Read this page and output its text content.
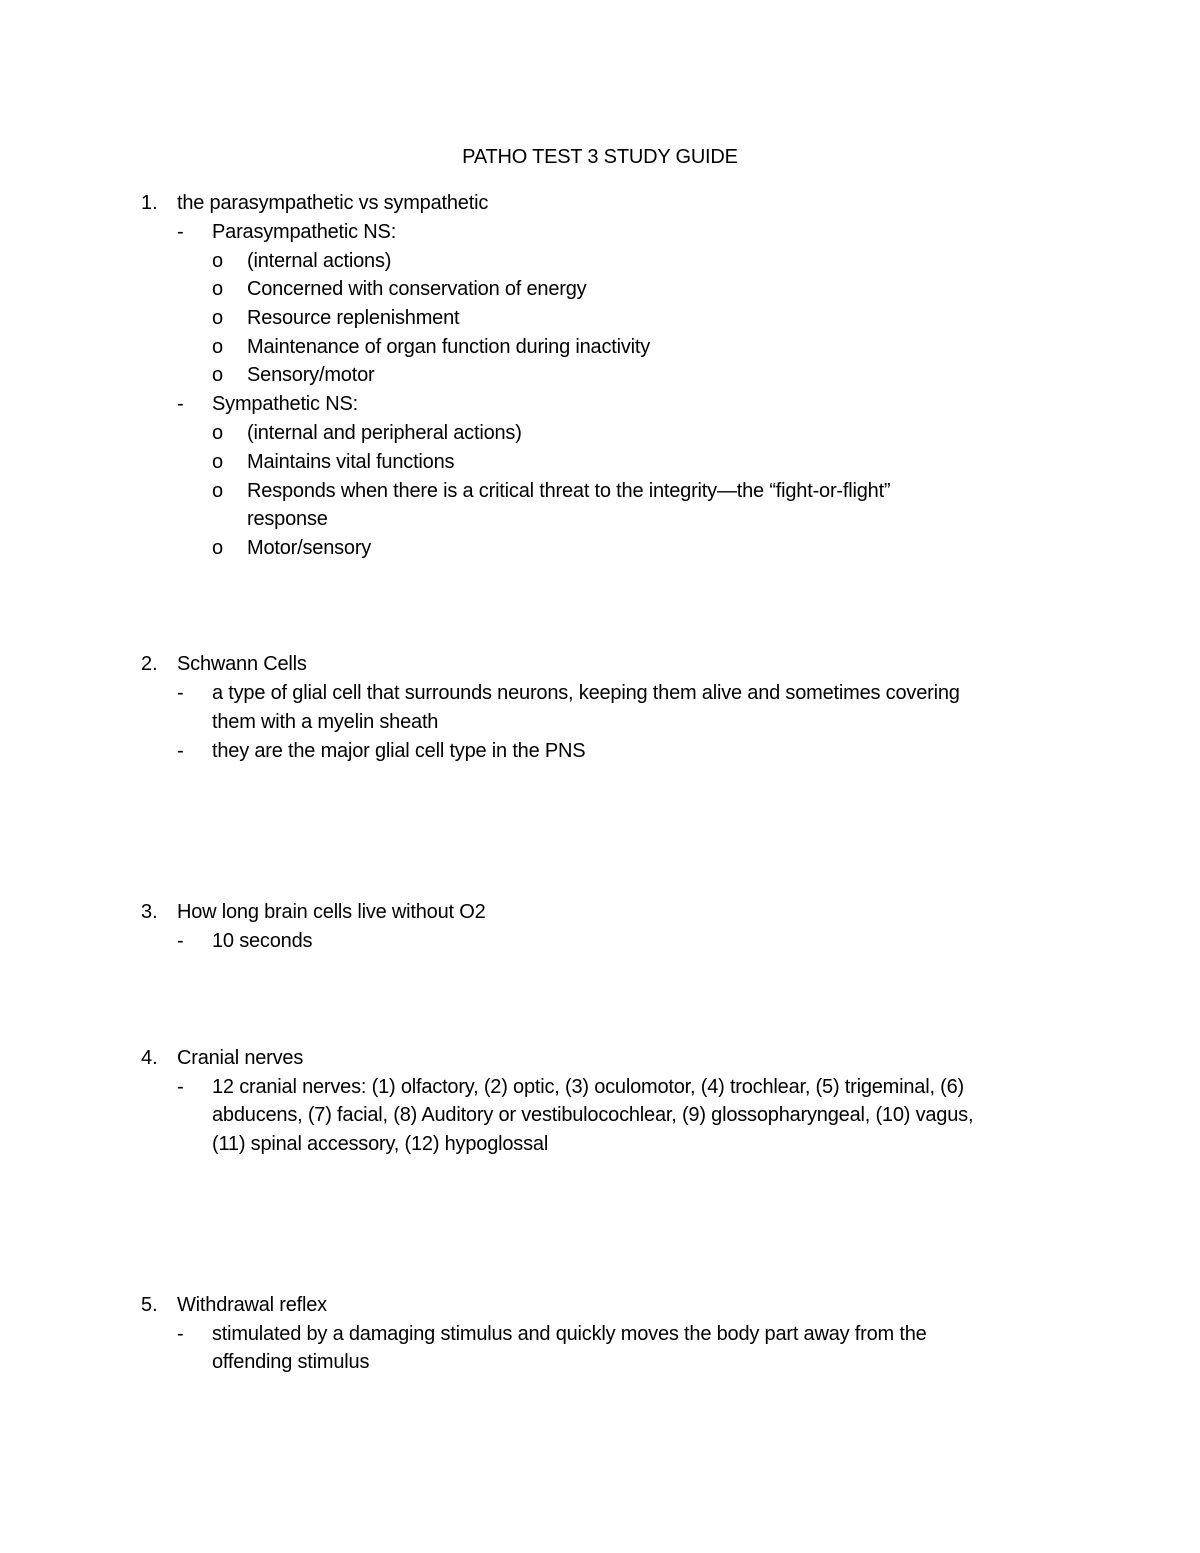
PATHO TEST 3 STUDY GUIDE
1. the parasympathetic vs sympathetic
- Parasympathetic NS:
o (internal actions)
o Concerned with conservation of energy
o Resource replenishment
o Maintenance of organ function during inactivity
o Sensory/motor
- Sympathetic NS:
o (internal and peripheral actions)
o Maintains vital functions
o Responds when there is a critical threat to the integrity—the “fight-or-flight”
response
o Motor/sensory
2. Schwann Cells
- a type of glial cell that surrounds neurons, keeping them alive and sometimes covering
them with a myelin sheath
- they are the major glial cell type in the PNS
3. How long brain cells live without O2
- 10 seconds
4. Cranial nerves
- 12 cranial nerves: (1) olfactory, (2) optic, (3) oculomotor, (4) trochlear, (5) trigeminal, (6)
abducens, (7) facial, (8) Auditory or vestibulocochlear, (9) glossopharyngeal, (10) vagus,
(11) spinal accessory, (12) hypoglossal
5. Withdrawal reflex
- stimulated by a damaging stimulus and quickly moves the body part away from the
offending stimulus
